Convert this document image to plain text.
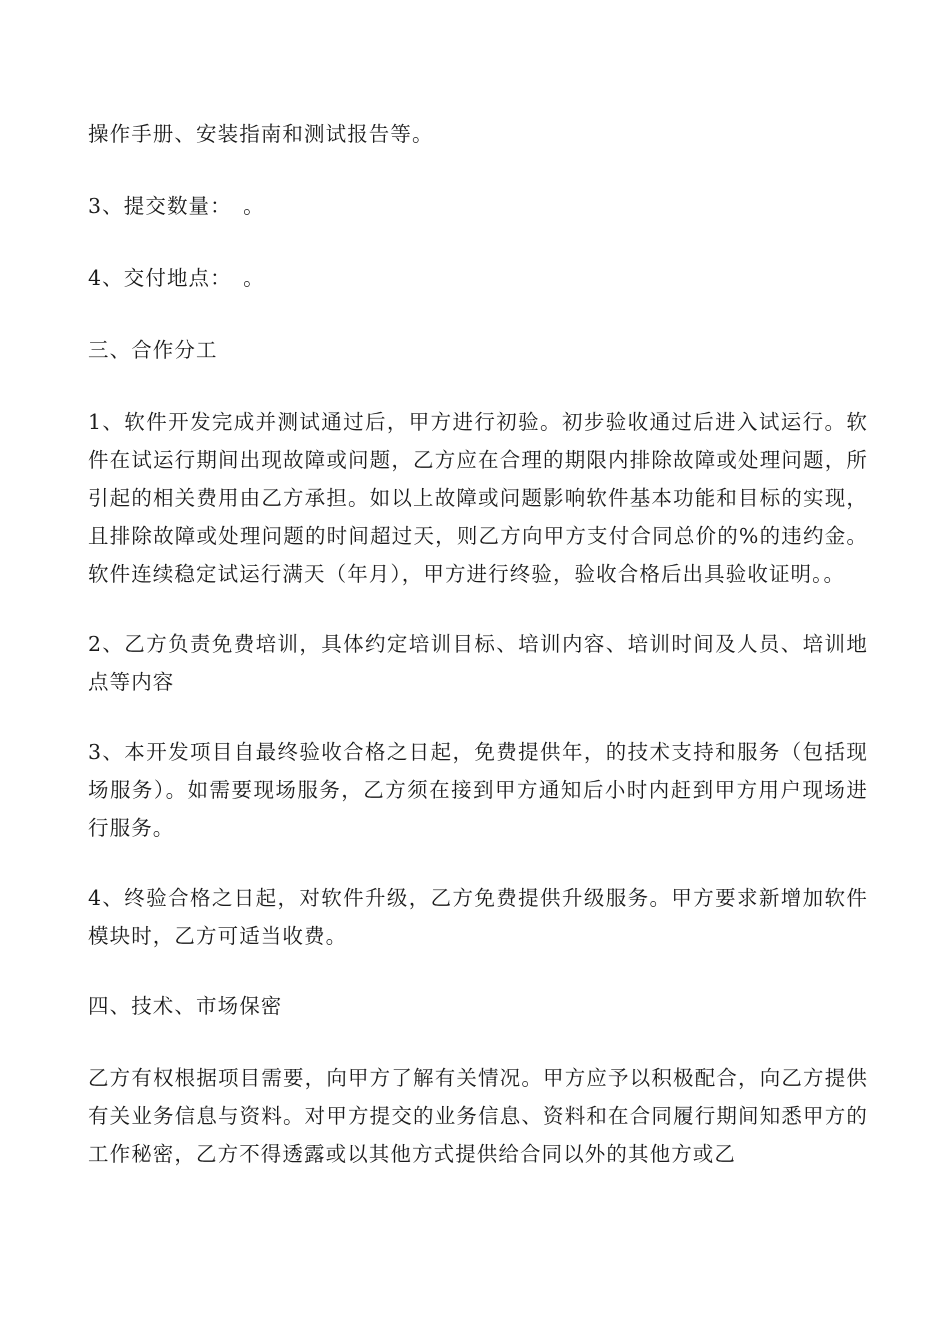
操作手册、安装指南和测试报告等。

3、提交数量：　。

4、交付地点：　。

三、合作分工

1、软件开发完成并测试通过后，甲方进行初验。初步验收通过后进入试运行。软件在试运行期间出现故障或问题，乙方应在合理的期限内排除故障或处理问题，所引起的相关费用由乙方承担。如以上故障或问题影响软件基本功能和目标的实现，且排除故障或处理问题的时间超过天，则乙方向甲方支付合同总价的%的违约金。软件连续稳定试运行满天（年月），甲方进行终验，验收合格后出具验收证明。。

2、乙方负责免费培训，具体约定培训目标、培训内容、培训时间及人员、培训地点等内容

3、本开发项目自最终验收合格之日起，免费提供年，的技术支持和服务（包括现场服务）。如需要现场服务，乙方须在接到甲方通知后小时内赶到甲方用户现场进行服务。

4、终验合格之日起，对软件升级，乙方免费提供升级服务。甲方要求新增加软件模块时，乙方可适当收费。

四、技术、市场保密

乙方有权根据项目需要，向甲方了解有关情况。甲方应予以积极配合，向乙方提供有关业务信息与资料。对甲方提交的业务信息、资料和在合同履行期间知悉甲方的工作秘密，乙方不得透露或以其他方式提供给合同以外的其他方或乙
